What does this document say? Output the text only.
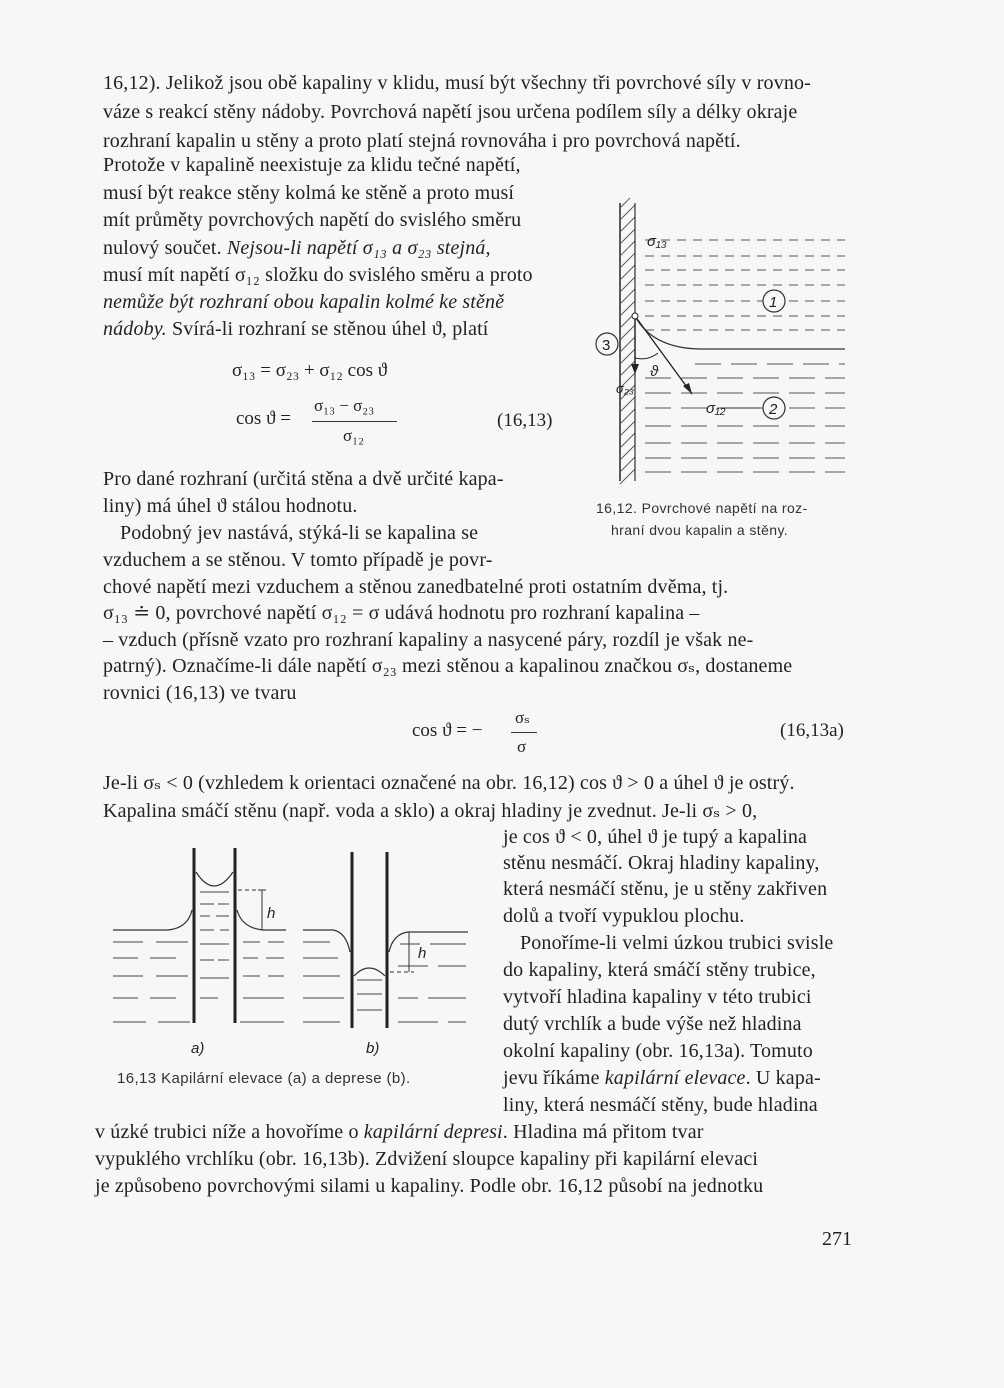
16,12). Jelikož jsou obě kapaliny v klidu, musí být všechny tři povrchové síly v rovno-
váze s reakcí stěny nádoby. Povrchová napětí jsou určena podílem síly a délky okraje
rozhraní kapalin u stěny a proto platí stejná rovnováha i pro povrchová napětí.
Protože v kapalině neexistuje za klidu tečné napětí,
musí být reakce stěny kolmá ke stěně a proto musí
mít průměty povrchových napětí do svislého směru
nulový součet. Nejsou-li napětí σ₁₃ a σ₂₃ stejná,
musí mít napětí σ₁₂ složku do svislého směru a proto
nemůže být rozhraní obou kapalin kolmé ke stěně
nádoby. Svírá-li rozhraní se stěnou úhel ϑ, platí
σ₁₃ = σ₂₃ + σ₁₂ cos ϑ
cos ϑ =
σ₁₃ − σ₂₃
σ₁₂
(16,13)
Pro dané rozhraní (určitá stěna a dvě určité kapa-
liny) má úhel ϑ stálou hodnotu.
Podobný jev nastává, stýká-li se kapalina se
vzduchem a se stěnou. V tomto případě je povr-
chové napětí mezi vzduchem a stěnou zanedbatelné proti ostatním dvěma, tj.
σ₁₃ ≐ 0, povrchové napětí σ₁₂ = σ udává hodnotu pro rozhraní kapalina –
– vzduch (přísně vzato pro rozhraní kapaliny a nasycené páry, rozdíl je však ne-
patrný). Označíme-li dále napětí σ₂₃ mezi stěnou a kapalinou značkou σₛ, dostaneme
rovnici (16,13) ve tvaru
cos ϑ = −
σₛ
σ
(16,13a)
Je-li σₛ < 0 (vzhledem k orientaci označené na obr. 16,12) cos ϑ > 0 a úhel ϑ je ostrý.
Kapalina smáčí stěnu (např. voda a sklo) a okraj hladiny je zvednut. Je-li σₛ > 0,
je cos ϑ < 0, úhel ϑ je tupý a kapalina
stěnu nesmáčí. Okraj hladiny kapaliny,
která nesmáčí stěnu, je u stěny zakřiven
dolů a tvoří vypuklou plochu.
Ponoříme-li velmi úzkou trubici svisle
do kapaliny, která smáčí stěny trubice,
vytvoří hladina kapaliny v této trubici
dutý vrchlík a bude výše než hladina
okolní kapaliny (obr. 16,13a). Tomuto
jevu říkáme kapilární elevace. U kapa-
liny, která nesmáčí stěny, bude hladina
v úzké trubici níže a hovoříme o kapilární depresi. Hladina má přitom tvar
vypuklého vrchlíku (obr. 16,13b). Zdvižení sloupce kapaliny při kapilární elevaci
je způsobeno povrchovými silami u kapaliny. Podle obr. 16,12 působí na jednotku
271
σ₁₃
σ₂₃
σ₁₂
ϑ
1
2
3
16,12. Povrchové napětí na roz-
hraní dvou kapalin a stěny.
h
h
a)	b)
16,13 Kapilární elevace (a) a deprese (b).
